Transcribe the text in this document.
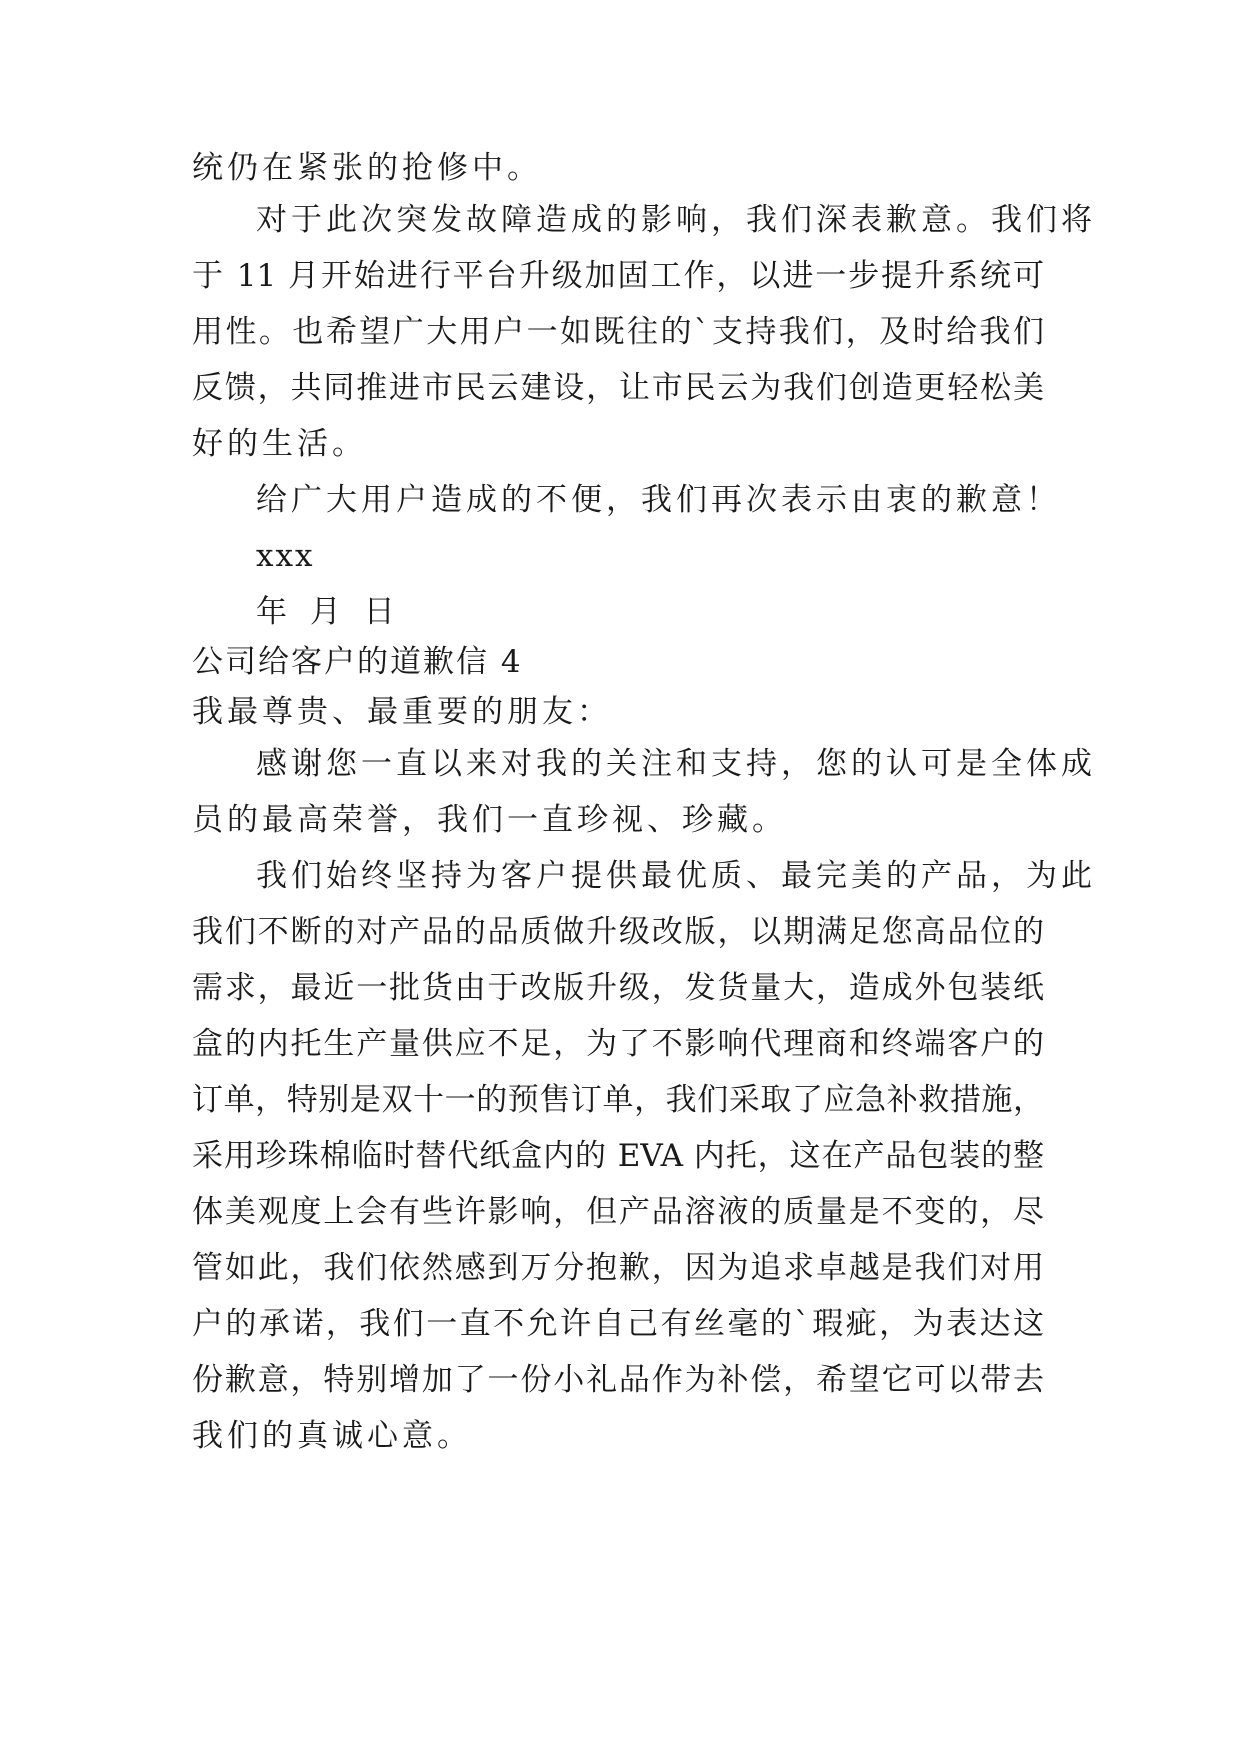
统仍在紧张的抢修中。
对于此次突发故障造成的影响，我们深表歉意。我们将
于 11 月开始进行平台升级加固工作，以进一步提升系统可
用性。也希望广大用户一如既往的`支持我们，及时给我们
反馈，共同推进市民云建设，让市民云为我们创造更轻松美
好的生活。
给广大用户造成的不便，我们再次表示由衷的歉意！
xxx
年 月 日
公司给客户的道歉信 4
我最尊贵、最重要的朋友：
感谢您一直以来对我的关注和支持，您的认可是全体成
员的最高荣誉，我们一直珍视、珍藏。
我们始终坚持为客户提供最优质、最完美的产品，为此
我们不断的对产品的品质做升级改版，以期满足您高品位的
需求，最近一批货由于改版升级，发货量大，造成外包装纸
盒的内托生产量供应不足，为了不影响代理商和终端客户的
订单，特别是双十一的预售订单，我们采取了应急补救措施，
采用珍珠棉临时替代纸盒内的 EVA 内托，这在产品包装的整
体美观度上会有些许影响，但产品溶液的质量是不变的，尽
管如此，我们依然感到万分抱歉，因为追求卓越是我们对用
户的承诺，我们一直不允许自己有丝毫的`瑕疵，为表达这
份歉意，特别增加了一份小礼品作为补偿，希望它可以带去
我们的真诚心意。
